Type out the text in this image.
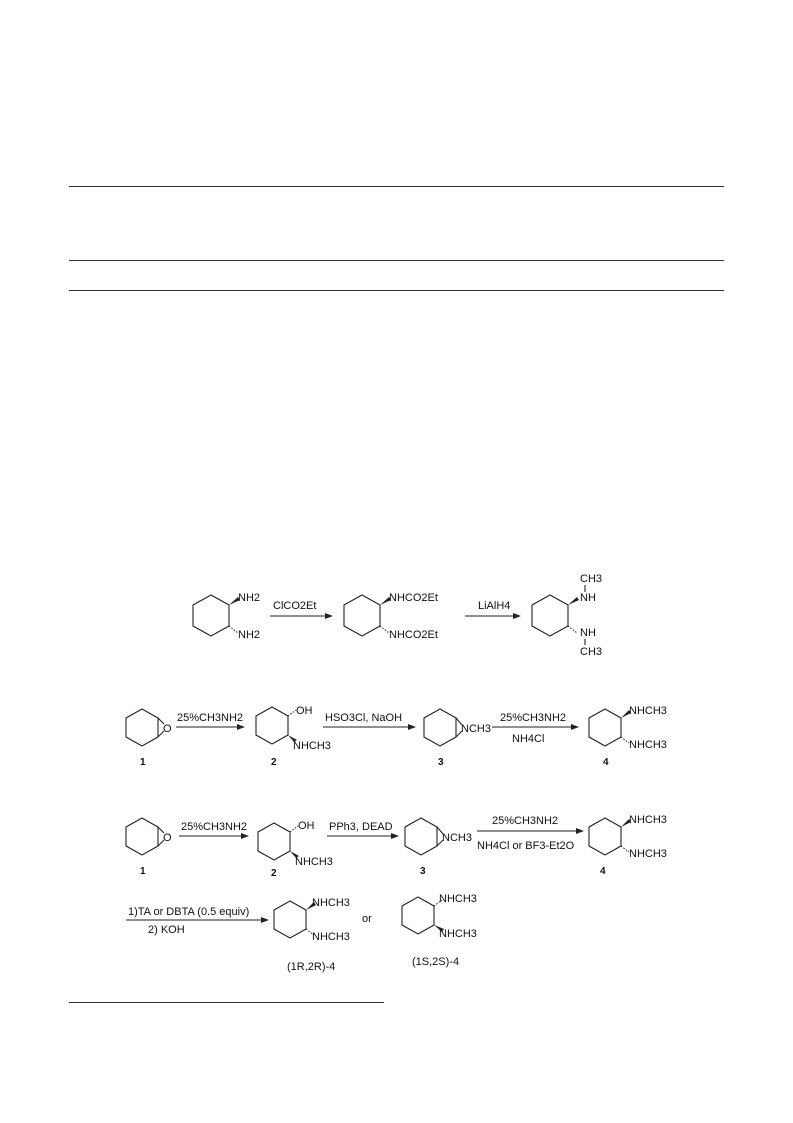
NH2
NH2
ClCO2Et
NHCO2Et
NHCO2Et
LiAlH4
CH3
NH
NH
CH3
O
1
25%CH3NH2
OH
NHCH3
2
HSO3Cl, NaOH
NCH3
3
25%CH3NH2
NH4Cl
NHCH3
NHCH3
4
O
1
25%CH3NH2	OH
NHCH3
2
PPh3, DEAD
NCH3
3
25%CH3NH2
NH4Cl or BF3-Et2O
NHCH3
NHCH3
4
1)TA or DBTA (0.5 equiv)
2) KOH
NHCH3
NHCH3
or
NHCH3
NHCH3
(1R,2R)-4	(1S,2S)-4
